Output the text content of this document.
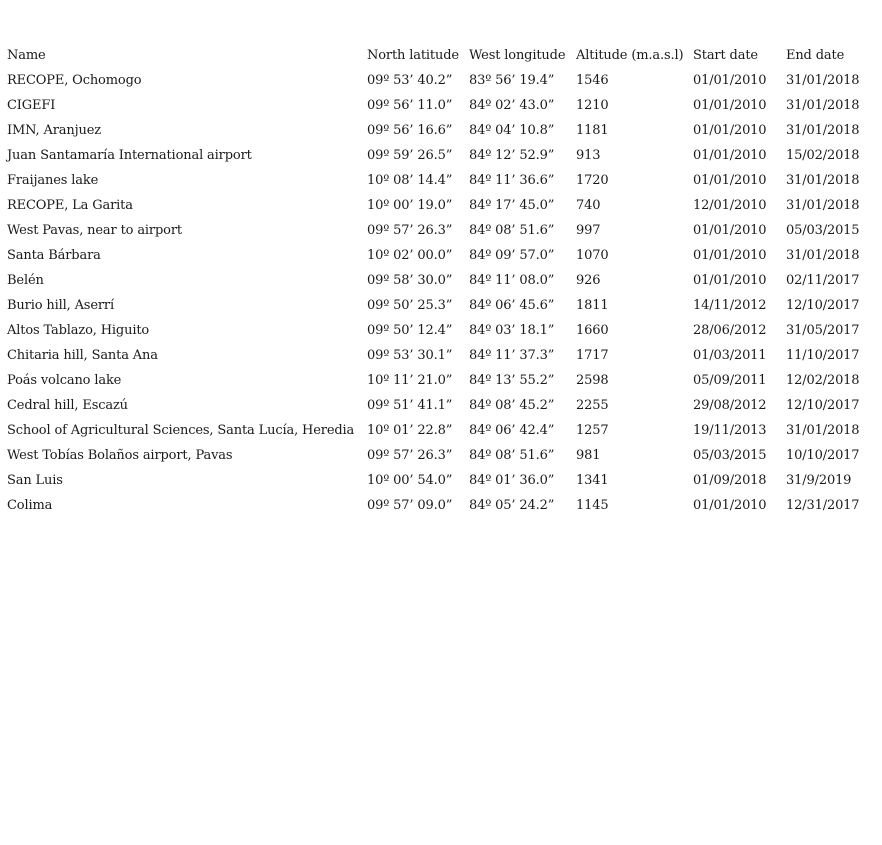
Name	North latitude	West longitude	Altitude (m.a.s.l)	Start date	End date
RECOPE, Ochomogo	09º 53’ 40.2”	83º 56’ 19.4”	1546	01/01/2010	31/01/2018
CIGEFI	09º 56’ 11.0”	84º 02’ 43.0”	1210	01/01/2010	31/01/2018
IMN, Aranjuez	09º 56’ 16.6”	84º 04’ 10.8”	1181	01/01/2010	31/01/2018
Juan Santamaría International airport	09º 59’ 26.5”	84º 12’ 52.9”	913	01/01/2010	15/02/2018
Fraijanes lake	10º 08’ 14.4”	84º 11’ 36.6”	1720	01/01/2010	31/01/2018
RECOPE, La Garita	10º 00’ 19.0”	84º 17’ 45.0”	740	12/01/2010	31/01/2018
West Pavas, near to airport	09º 57’ 26.3”	84º 08’ 51.6”	997	01/01/2010	05/03/2015
Santa Bárbara	10º 02’ 00.0”	84º 09’ 57.0”	1070	01/01/2010	31/01/2018
Belén	09º 58’ 30.0”	84º 11’ 08.0”	926	01/01/2010	02/11/2017
Burio hill, Aserrí	09º 50’ 25.3”	84º 06’ 45.6”	1811	14/11/2012	12/10/2017
Altos Tablazo, Higuito	09º 50’ 12.4”	84º 03’ 18.1”	1660	28/06/2012	31/05/2017
Chitaria hill, Santa Ana	09º 53’ 30.1”	84º 11’ 37.3”	1717	01/03/2011	11/10/2017
Poás volcano lake	10º 11’ 21.0”	84º 13’ 55.2”	2598	05/09/2011	12/02/2018
Cedral hill, Escazú	09º 51’ 41.1”	84º 08’ 45.2”	2255	29/08/2012	12/10/2017
School of Agricultural Sciences, Santa Lucía, Heredia	10º 01’ 22.8”	84º 06’ 42.4”	1257	19/11/2013	31/01/2018
West Tobías Bolaños airport, Pavas	09º 57’ 26.3”	84º 08’ 51.6”	981	05/03/2015	10/10/2017
San Luis	10º 00’ 54.0”	84º 01’ 36.0”	1341	01/09/2018	31/9/2019
Colima	09º 57’ 09.0”	84º 05’ 24.2”	1145	01/01/2010	12/31/2017
